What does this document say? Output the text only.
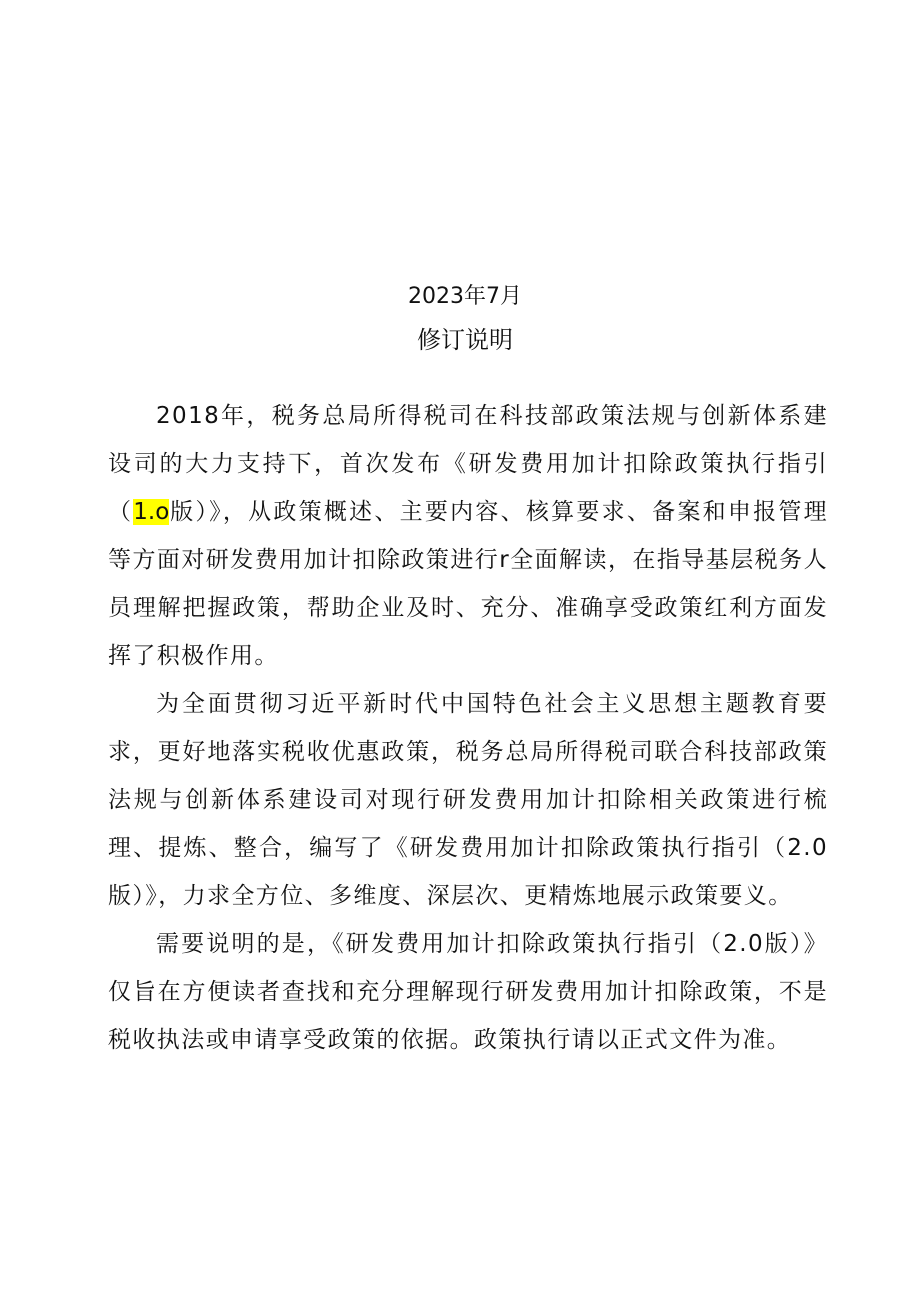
2023年7月
修订说明

2018年，税务总局所得税司在科技部政策法规与创新体系建设司的大力支持下，首次发布《研发费用加计扣除政策执行指引（1.o版）》，从政策概述、主要内容、核算要求、备案和申报管理等方面对研发费用加计扣除政策进行r全面解读，在指导基层税务人员理解把握政策，帮助企业及时、充分、准确享受政策红利方面发挥了积极作用。

为全面贯彻习近平新时代中国特色社会主义思想主题教育要求，更好地落实税收优惠政策，税务总局所得税司联合科技部政策法规与创新体系建设司对现行研发费用加计扣除相关政策进行梳理、提炼、整合，编写了《研发费用加计扣除政策执行指引（2.0版）》，力求全方位、多维度、深层次、更精炼地展示政策要义。

需要说明的是，《研发费用加计扣除政策执行指引（2.0版）》仅旨在方便读者查找和充分理解现行研发费用加计扣除政策，不是税收执法或申请享受政策的依据。政策执行请以正式文件为准。
